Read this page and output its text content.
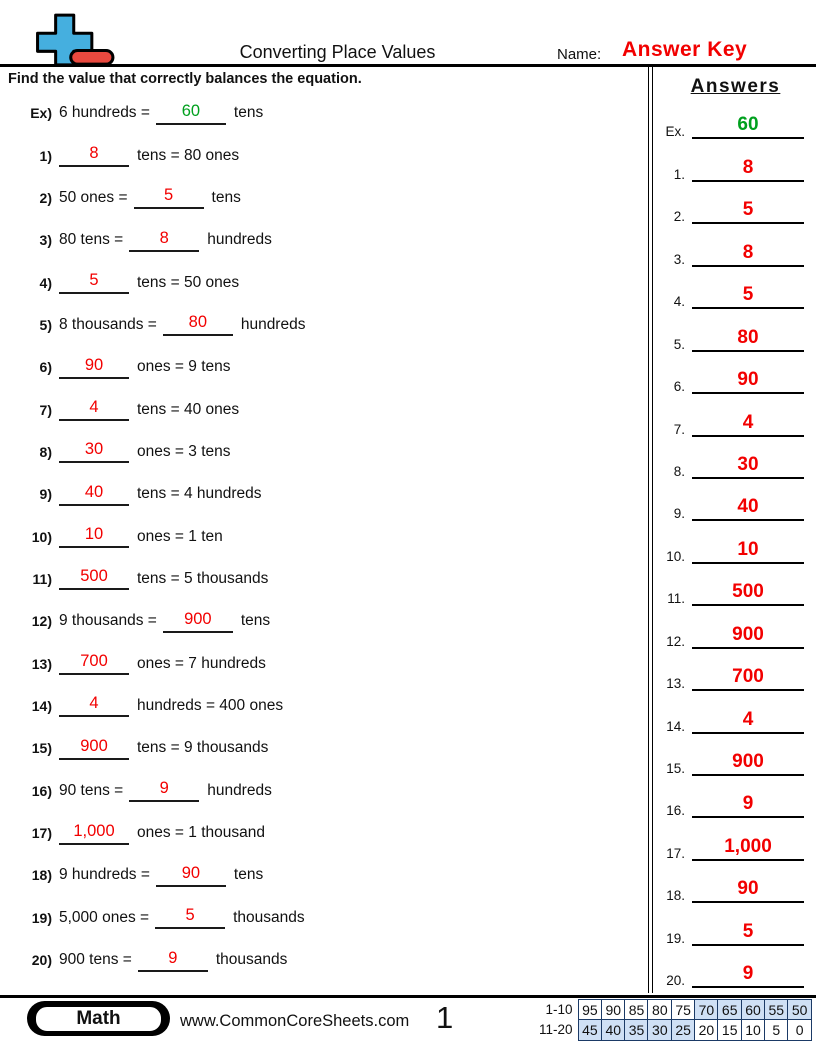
Converting Place Values	Name: Answer Key
Find the value that correctly balances the equation.
Ex) 6 hundreds =	60	tens
1)	8	tens = 80 ones
2) 50 ones =	5	tens
3) 80 tens =	8	hundreds
4)	5	tens = 50 ones
5) 8 thousands =	80	hundreds
6)	90	ones = 9 tens
7)	4	tens = 40 ones
8)	30	ones = 3 tens
9)	40	tens = 4 hundreds
10)	10	ones = 1 ten
11)	500	tens = 5 thousands
12) 9 thousands =	900	tens
13)	700	ones = 7 hundreds
14)	4	hundreds = 400 ones
15)	900	tens = 9 thousands
16) 90 tens =	9	hundreds
17)	1,000	ones = 1 thousand
18) 9 hundreds =	90	tens
19) 5,000 ones =	5	thousands
20) 900 tens =	9	thousands
Answers
Ex.	60
1.	8
2.	5
3.	8
4.	5
5.	80
6.	90
7.	4
8.	30
9.	40
10.	10
11.	500
12.	900
13.	700
14.	4
15.	900
16.	9
17.	1,000
18.	90
19.	5
20.	9
Math	www.CommonCoreSheets.com 1	1-10 95 90 85 80 75 70 65 60 55 50
11-20 45 40 35 30 25 20 15 10 5	0
